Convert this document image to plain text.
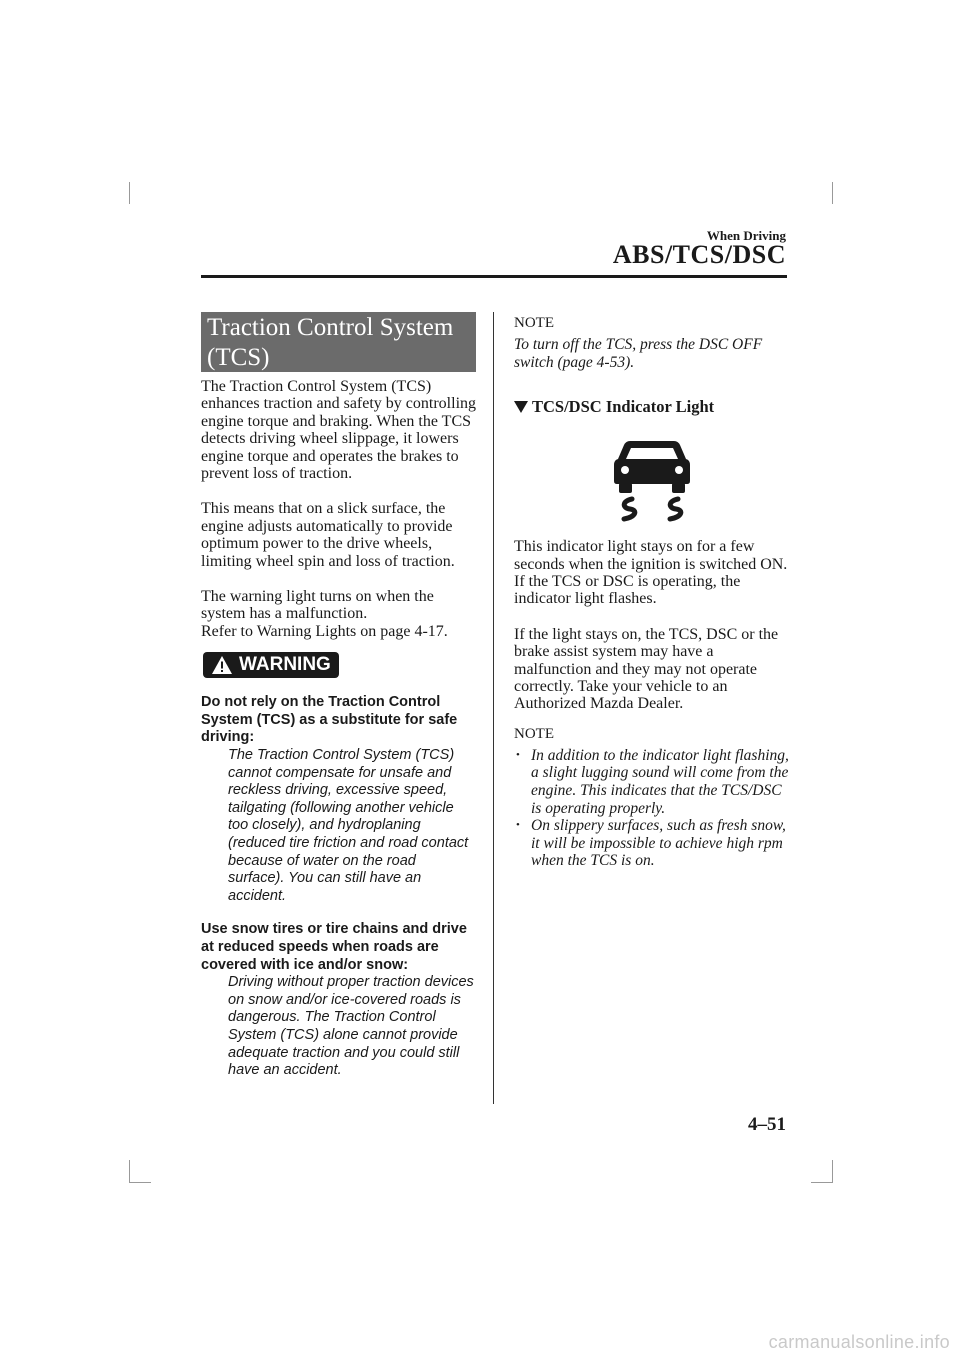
When Driving
ABS/TCS/DSC
Traction Control System (TCS)

The Traction Control System (TCS) enhances traction and safety by controlling engine torque and braking. When the TCS detects driving wheel slippage, it lowers engine torque and operates the brakes to prevent loss of traction.

This means that on a slick surface, the engine adjusts automatically to provide optimum power to the drive wheels, limiting wheel spin and loss of traction.

The warning light turns on when the system has a malfunction.

Refer to Warning Lights on page 4-17.

WARNING

Do not rely on the Traction Control System (TCS) as a substitute for safe driving:

The Traction Control System (TCS) cannot compensate for unsafe and reckless driving, excessive speed, tailgating (following another vehicle too closely), and hydroplaning (reduced tire friction and road contact because of water on the road surface). You can still have an accident.

Use snow tires or tire chains and drive at reduced speeds when roads are covered with ice and/or snow:

Driving without proper traction devices on snow and/or ice-covered roads is dangerous. The Traction Control System (TCS) alone cannot provide adequate traction and you could still have an accident.

NOTE

To turn off the TCS, press the DSC OFF switch (page 4-53).

TCS/DSC Indicator Light

This indicator light stays on for a few seconds when the ignition is switched ON. If the TCS or DSC is operating, the indicator light flashes.

If the light stays on, the TCS, DSC or the brake assist system may have a malfunction and they may not operate correctly. Take your vehicle to an Authorized Mazda Dealer.

NOTE

• In addition to the indicator light flashing, a slight lugging sound will come from the engine. This indicates that the TCS/DSC is operating properly.
• On slippery surfaces, such as fresh snow, it will be impossible to achieve high rpm when the TCS is on.
4–51
carmanualsonline.info
